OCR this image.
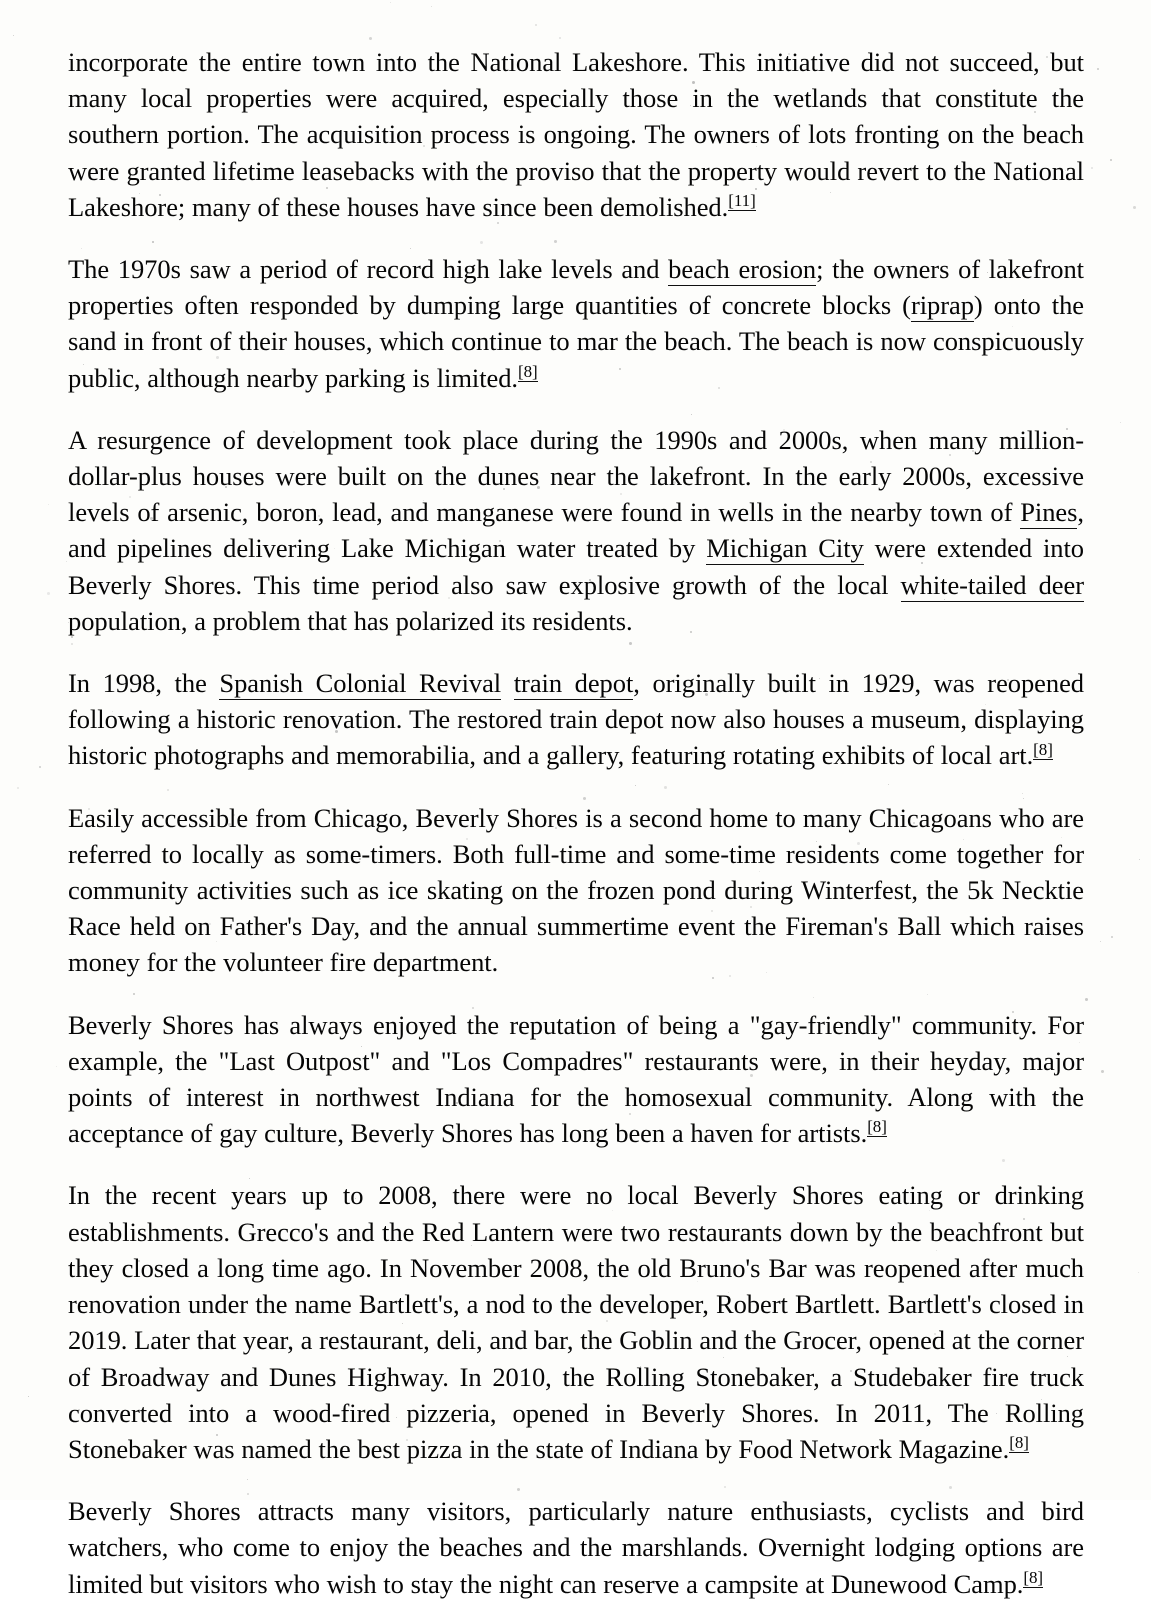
incorporate the entire town into the National Lakeshore. This initiative did not succeed, but many local properties were acquired, especially those in the wetlands that constitute the southern portion. The acquisition process is ongoing. The owners of lots fronting on the beach were granted lifetime leasebacks with the proviso that the property would revert to the National Lakeshore; many of these houses have since been demolished.[11]

The 1970s saw a period of record high lake levels and beach erosion; the owners of lakefront properties often responded by dumping large quantities of concrete blocks (riprap) onto the sand in front of their houses, which continue to mar the beach. The beach is now conspicuously public, although nearby parking is limited.[8]

A resurgence of development took place during the 1990s and 2000s, when many million-dollar-plus houses were built on the dunes near the lakefront. In the early 2000s, excessive levels of arsenic, boron, lead, and manganese were found in wells in the nearby town of Pines, and pipelines delivering Lake Michigan water treated by Michigan City were extended into Beverly Shores. This time period also saw explosive growth of the local white-tailed deer population, a problem that has polarized its residents.

In 1998, the Spanish Colonial Revival train depot, originally built in 1929, was reopened following a historic renovation. The restored train depot now also houses a museum, displaying historic photographs and memorabilia, and a gallery, featuring rotating exhibits of local art.[8]

Easily accessible from Chicago, Beverly Shores is a second home to many Chicagoans who are referred to locally as some-timers. Both full-time and some-time residents come together for community activities such as ice skating on the frozen pond during Winterfest, the 5k Necktie Race held on Father's Day, and the annual summertime event the Fireman's Ball which raises money for the volunteer fire department.

Beverly Shores has always enjoyed the reputation of being a "gay-friendly" community. For example, the "Last Outpost" and "Los Compadres" restaurants were, in their heyday, major points of interest in northwest Indiana for the homosexual community. Along with the acceptance of gay culture, Beverly Shores has long been a haven for artists.[8]

In the recent years up to 2008, there were no local Beverly Shores eating or drinking establishments. Grecco's and the Red Lantern were two restaurants down by the beachfront but they closed a long time ago. In November 2008, the old Bruno's Bar was reopened after much renovation under the name Bartlett's, a nod to the developer, Robert Bartlett. Bartlett's closed in 2019. Later that year, a restaurant, deli, and bar, the Goblin and the Grocer, opened at the corner of Broadway and Dunes Highway. In 2010, the Rolling Stonebaker, a Studebaker fire truck converted into a wood-fired pizzeria, opened in Beverly Shores. In 2011, The Rolling Stonebaker was named the best pizza in the state of Indiana by Food Network Magazine.[8]

Beverly Shores attracts many visitors, particularly nature enthusiasts, cyclists and bird watchers, who come to enjoy the beaches and the marshlands. Overnight lodging options are limited but visitors who wish to stay the night can reserve a campsite at Dunewood Camp.[8]
